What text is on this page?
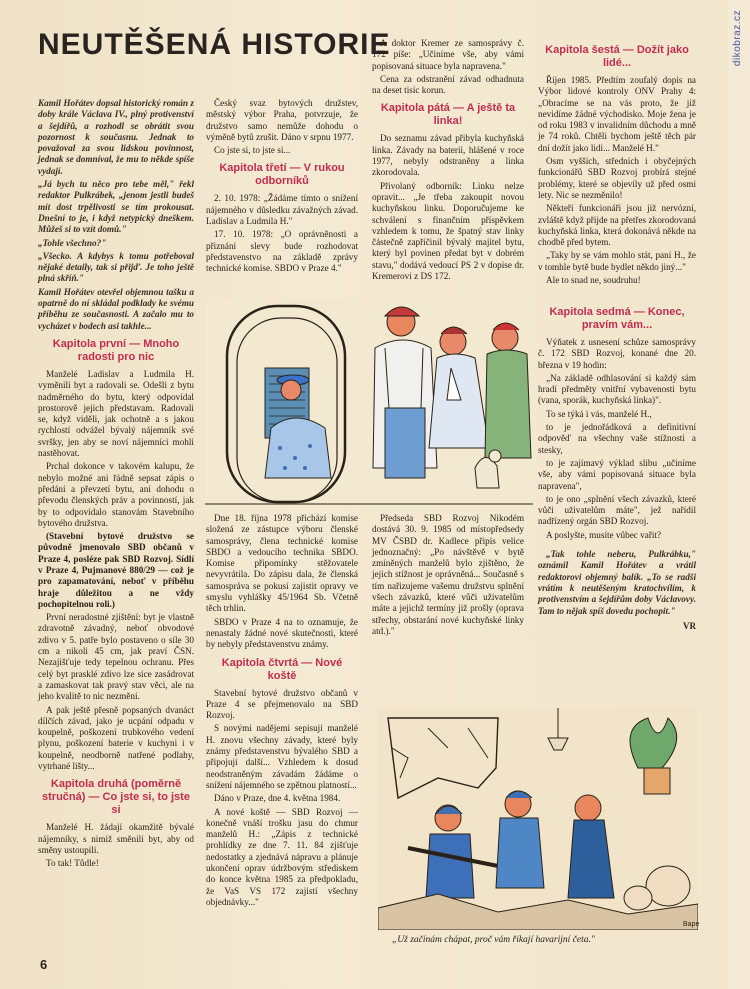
NEUTĚŠENÁ HISTORIE

Kamil Hořátev dopsal historický román z doby krále Václava IV., plný protivenství a šejdířů, a rozhodl se obrátit svou pozornost k současnu. Jednak to považoval za svou lidskou povinnost, jednak se domníval, že mu to někde spíše vydají.

„Já bych tu něco pro tebe měl," řekl redaktor Pulkrábek, „jenom jestli budeš mít dost trpělivosti se tím prokousat. Dnešní to je, i když netypický dneškem. Můžeš si to vzít domů."

„Tohle všechno?"

„Všecko. A kdybys k tomu potřeboval nějaké detaily, tak si přijď. Je toho ještě plná skříň."

Kamil Hořátev otevřel objemnou tašku a opatrně do ní skládal podklady ke svému příběhu ze současnosti. A začalo mu to vycházet v bodech asi takhle...

Kapitola první — Mnoho radosti pro nic

Manželé Ladislav a Ludmila H. vyměnili byt a radovali se. Odešli z bytu nadměrného do bytu, který odpovídal prostorově jejich představam. Radovali se, když viděli, jak ochotně a s jakou rychlostí odvážel bývalý nájemník své svršky, jen aby se noví nájemníci mohli nastěhovat.

Prchal dokonce v takovém kalupu, že nebylo možné ani řádně sepsat zápis o předání a převzetí bytu, ani dohodu o převodu členských práv a povinností, jak by to odpovídalo stanovám Stavebního bytového družstva.

(Stavební bytové družstvo se původně jmenovalo SBD občanů v Praze 4, posléze pak SBD Rozvoj. Sídlí v Praze 4, Pujmanové 880/29 — což je pro zapamatování, neboť v příběhu hraje důležitou a ne vždy pochopitelnou roli.)

První neradostné zjištění: byt je vlastně zdravotně závadný, neboť obvodové zdivo v 5. patře bylo postaveno o síle 30 cm a nikoli 45 cm, jak praví ČSN. Nezajišťuje tedy tepelnou ochranu. Přes celý byt prasklé zdivo lze sice zasádrovat a zamaskovat tak pravý stav věci, ale na jeho kvalitě to nic nezmění.

A pak ještě přesně popsaných dvanáct dílčích závad, jako je ucpání odpadu v koupelně, poškození trubkového vedení plynu, poškození baterie v kuchyni i v koupelně, neodborně natřené podlahy, vytrhané lišty...

Kapitola druhá (poměrně stručná) — Co jste si, to jste si

Manželé H. žádají okamžitě bývalé nájemníky, s nimiž směnili byt, aby od směny ustoupili.

To tak! Tůdle!

Český svaz bytových družstev, městský výbor Praha, potvrzuje, že družstvo samo nemůže dohodu o výměně bytů zrušit. Dáno v srpnu 1977.

Co jste si, to jste si...

Kapitola třetí — V rukou odborníků

2. 10. 1978: „Žádáme tímto o snížení nájemného v důsledku závažných závad. Ladislav a Ludmila H."

17. 10. 1978: „O oprávněnosti a přiznání slevy bude rozhodovat představenstvo na základě zprávy technické komise. SBDO v Praze 4."

A doktor Kremer ze samosprávy č. 172 píše: „Učiníme vše, aby vámi popisovaná situace byla napravena."

Cena za odstranění závad odhadnuta na deset tisíc korun.

Kapitola pátá — A ještě ta linka!

Do seznamu závad přibyla kuchyňská linka. Závady na baterii, hlášené v roce 1977, nebyly odstraněny a linka zkorodovala.

Přivolaný odborník: Linku nelze opravit... „Je třeba zakoupit novou kuchyňskou linku. Doporučujeme ke schválení s finančním příspěvkem vzhledem k tomu, že špatný stav linky částečně zapříčinil bývalý majitel bytu, který byl povinen předat byt v dobrém stavu," dodává vedoucí PS 2 v dopise dr. Kremerovi z DS 172.

Kapitola šestá — Dožít jako lidé...

Říjen 1985. Předtím zoufalý dopis na Výbor lidové kontroly ONV Prahy 4: „Obracíme se na vás proto, že již nevidíme žádné východisko. Moje žena je od roku 1983 v invalidním důchodu a mně je 74 roků. Chtěli bychom ještě těch pár dní dožít jako lidi... Manželé H."

Osm vyšších, středních i obyčejných funkcionářů SBD Rozvoj probírá stejné problémy, které se objevily už před osmi lety. Nic se nezměnilo!

Někteří funkcionáři jsou již nervózní, zvláště když přijde na přetřes zkorodovaná kuchyňská linka, která dokonává někde na chodbě před bytem.

„Taky by se vám mohlo stát, paní H., že v tomhle bytě bude bydlet někdo jiný..."

Ale to snad ne, soudruhu!

Dne 18. října 1978 přichází komise složená ze zástupce výboru členské samosprávy, člena technické komise SBDO a vedoucího technika SBDO. Komise připomínky stěžovatele nevyvrátila. Do zápisu dala, že členská samospráva se pokusí zajistit opravy ve smyslu vyhlášky 45/1964 Sb. Včetně těch trhlin.

SBDO v Praze 4 na to oznamuje, že nenastaly žádné nové skutečnosti, které by nebyly představenstvu známy.

Kapitola čtvrtá — Nové koště

Stavební bytové družstvo občanů v Praze 4 se přejmenovalo na SBD Rozvoj.

S novými nadějemi sepisují manželé H. znovu všechny závady, které byly známy představenstvu bývalého SBD a připojují další... Vzhledem k dosud neodstraněným závadám žádáme o snížení nájemného se zpětnou platností...

Dáno v Praze, dne 4. května 1984.

A nové koště — SBD Rozvoj — konečně vnáší trošku jasu do chmur manželů H.: „Zápis z technické prohlídky ze dne 7. 11. 84 zjišťuje nedostatky a zjednává nápravu a plánuje ukončení oprav údržbovým střediskem do konce května 1985 za předpokladu, že VaS VS 172 zajistí všechny objednávky..."

Předseda SBD Rozvoj Nikodém dostává 30. 9. 1985 od místopředsedy MV ČSBD dr. Kadlece připis velice jednoznačný: „Po návštěvě v bytě zmíněných manželů bylo zjištěno, že jejich stížnost je oprávněná... Současně s tím nařizujeme vašemu družstvu splnění všech závazků, které vůči uživatelům máte a jejichž termíny již prošly (oprava střechy, obstarání nové kuchyňské linky atd.)."

Kapitola sedmá — Konec, pravím vám...

Výňatek z usnesení schůze samosprávy č. 172 SBD Rozvoj, konané dne 20. března v 19 hodin:

„Na základě odhlasování si každý sám hradí předměty vnitřní vybavenosti bytu (vana, sporák, kuchyňská linka)".

To se týká i vás, manželé H.,

to je jednořádková a definitivní odpověď na všechny vaše stížnosti a stesky,

to je zajímavý výklad slibu „učiníme vše, aby vámi popisovaná situace byla napravena",

to je ono „splnění všech závazků, které vůči uživatelům máte", jež nařídil nadřízený orgán SBD Rozvoj.

A poslyšte, musíte vůbec vařit?

„Tak tohle neberu, Pulkrábku," oznámil Kamil Hořátev a vrátil redaktorovi objemný balík. „To se radši vrátím k neutěšeným kratochvílím, k protivenstvím a šejdířům doby Václavovy. Tam to nějak spíš dovedu pochopit."

VR
Bape
„Už začínám chápat, proč vám říkají havarijní četa."
6
dikobraz.cz
